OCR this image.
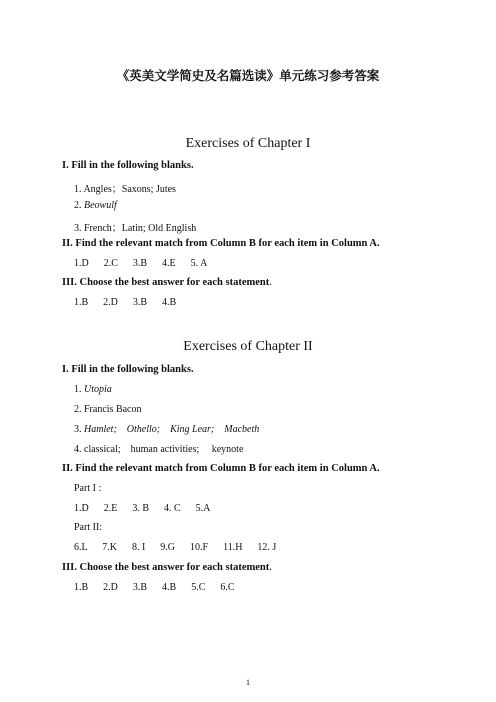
《英美文学简史及名篇选读》单元练习参考答案
Exercises of Chapter I
I. Fill in the following blanks.
1. Angles；Saxons; Jutes
2. Beowulf
3. French；Latin; Old English
II. Find the relevant match from Column B for each item in Column A.
1.D      2.C      3.B      4.E      5. A
III. Choose the best answer for each statement.
1.B      2.D      3.B      4.B
Exercises of Chapter II
I. Fill in the following blanks.
1. Utopia
2. Francis Bacon
3. Hamlet;    Othello;    King Lear;    Macbeth
4. classical;    human activities;     keynote
II. Find the relevant match from Column B for each item in Column A.
Part I :
1.D      2.E      3. B      4. C      5.A
Part II:
6.L      7.K      8. I      9.G      10.F      11.H      12. J
III. Choose the best answer for each statement.
1.B      2.D      3.B      4.B      5.C      6.C
1
